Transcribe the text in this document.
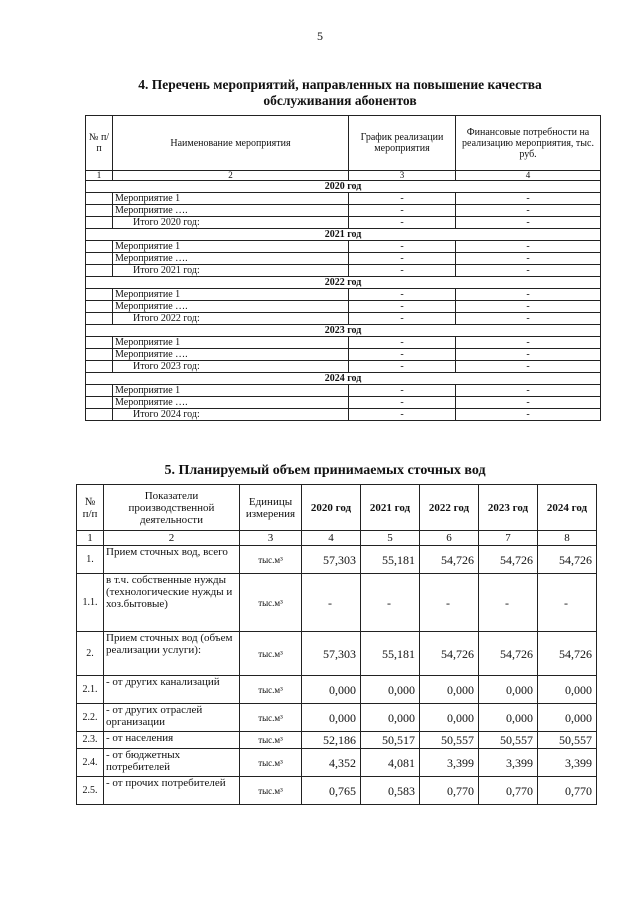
5
4. Перечень мероприятий, направленных на повышение качества обслуживания абонентов
№ п/п	Наименование мероприятия	График реализации мероприятия	Финансовые потребности на реализацию мероприятия, тыс. руб.
1	2	3	4
2020 год			
	Мероприятие 1	-	-
	Мероприятие ….	-	-
	Итого 2020 год:	-	-
2021 год			
	Мероприятие 1	-	-
	Мероприятие ….	-	-
	Итого 2021 год:	-	-
2022 год			
	Мероприятие 1	-	-
	Мероприятие ….	-	-
	Итого 2022 год:	-	-
2023 год			
	Мероприятие 1	-	-
	Мероприятие ….	-	-
	Итого 2023 год:	-	-
2024 год			
	Мероприятие 1	-	-
	Мероприятие ….	-	-
	Итого 2024 год:	-	-
5. Планируемый объем принимаемых сточных вод
№ п/п	Показатели производственной деятельности	Единицы измерения	2020 год	2021 год	2022 год	2023 год	2024 год
1	2	3	4	5	6	7	8
1.	Прием сточных вод, всего	тыс.м³	57,303	55,181	54,726	54,726	54,726
1.1.	в т.ч. собственные нужды (технологические нужды и хоз.бытовые)	тыс.м³	-	-	-	-	-
2.	Прием сточных вод (объем реализации услуги):	тыс.м³	57,303	55,181	54,726	54,726	54,726
2.1.	- от других канализаций	тыс.м³	0,000	0,000	0,000	0,000	0,000
2.2.	- от других отраслей организации	тыс.м³	0,000	0,000	0,000	0,000	0,000
2.3.	- от населения	тыс.м³	52,186	50,517	50,557	50,557	50,557
2.4.	- от бюджетных потребителей	тыс.м³	4,352	4,081	3,399	3,399	3,399
2.5.	- от прочих потребителей	тыс.м³	0,765	0,583	0,770	0,770	0,770
